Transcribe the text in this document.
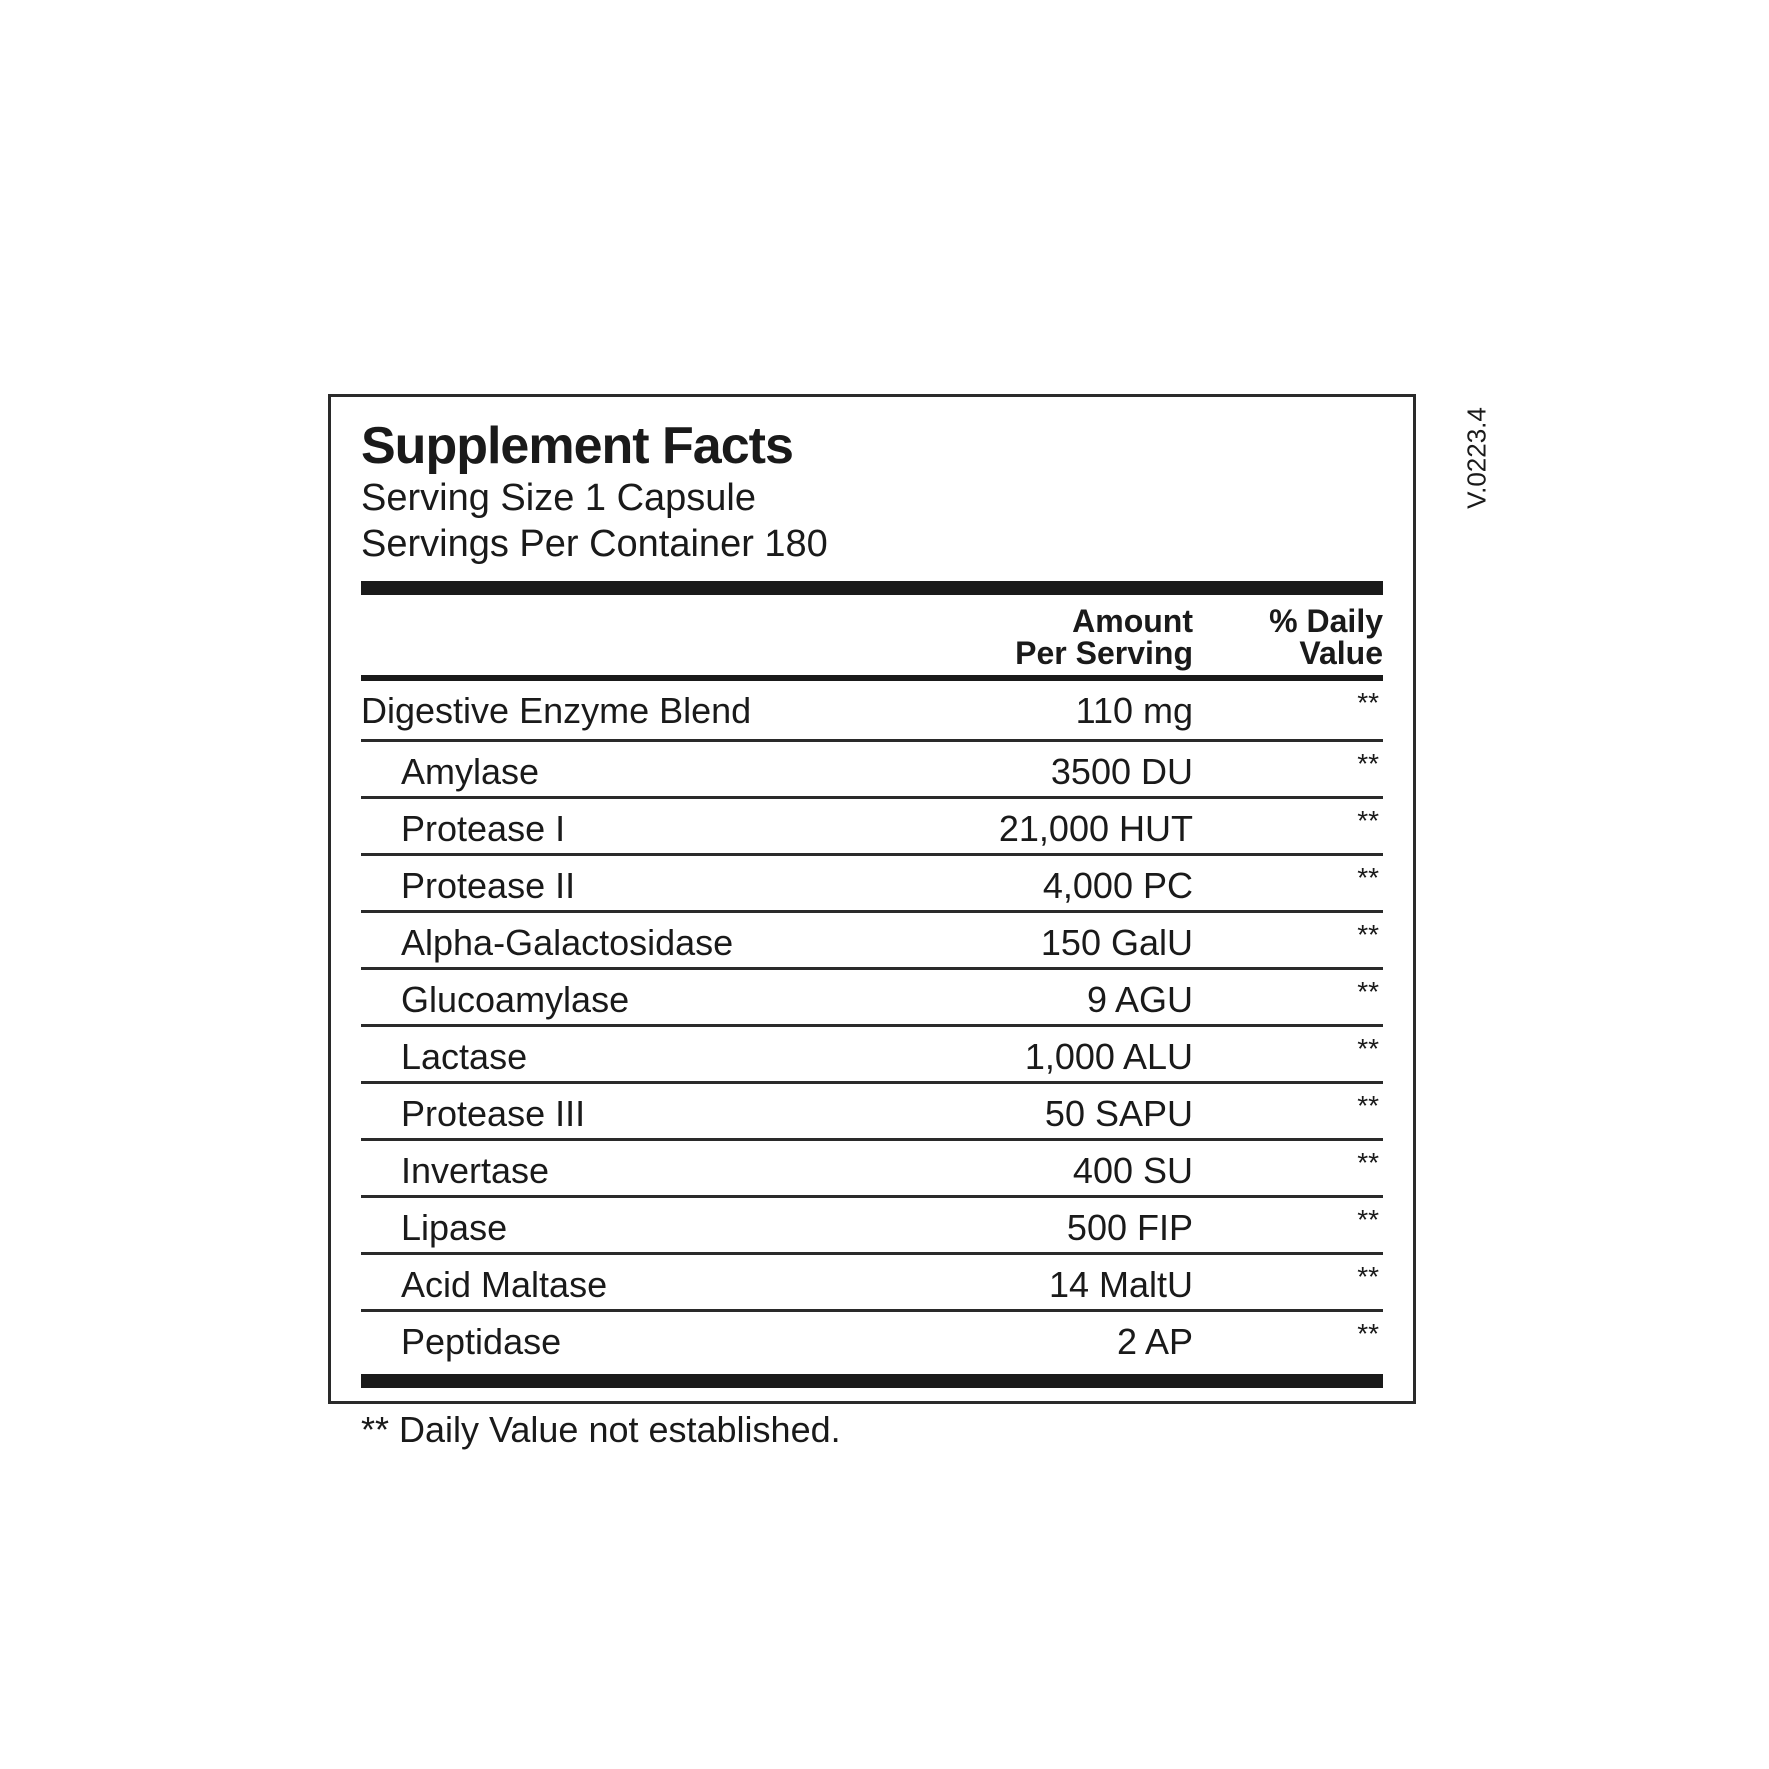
Supplement Facts
Serving Size 1 Capsule
Servings Per Container 180
Amount
Per Serving
% Daily
Value
Digestive Enzyme Blend	110 mg	**
Amylase	3500 DU	**
Protease I	21,000 HUT	**
Protease II	4,000 PC	**
Alpha-Galactosidase	150 GalU	**
Glucoamylase	9 AGU	**
Lactase	1,000 ALU	**
Protease III	50 SAPU	**
Invertase	400 SU	**
Lipase	500 FIP	**
Acid Maltase	14 MaltU	**
Peptidase	2 AP	**
** Daily Value not established.
V.0223.4
